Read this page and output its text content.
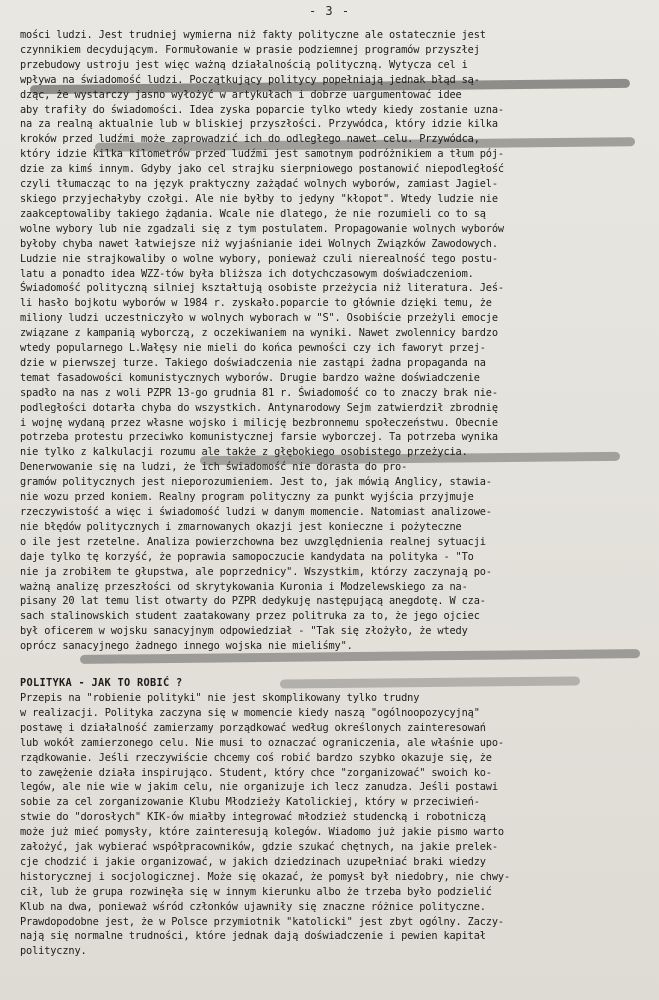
- 3 -
mości ludzi. Jest trudniej wymierna niż fakty polityczne ale ostatecznie jest
czynnikiem decydującym. Formułowanie w prasie podziemnej programów przyszłej
przebudowy ustroju jest więc ważną działalnością polityczną. Wytycza cel i
wpływa na świadomość ludzi. Początkujący politycy popełniają jednak błąd są-
dząc, że wystarczy jasno wyłożyć w artykułach i dobrze uargumentować idee
aby trafiły do świadomości. Idea zyska poparcie tylko wtedy kiedy zostanie uzna-
na za realną aktualnie lub w bliskiej przyszłości. Przywódca, który idzie kilka
kroków przed ludźmi może zaprowadzić ich do odległego nawet celu. Przywódca,
który idzie kilka kilometrów przed ludźmi jest samotnym podróżnikiem a tłum pój-
dzie za kimś innym. Gdyby jako cel strajku sierpniowego postanowić niepodległość
czyli tłumacząc to na język praktyczny zażądać wolnych wyborów, zamiast Jagiel-
skiego przyjechałyby czołgi. Ale nie byłby to jedyny "kłopot". Wtedy ludzie nie
zaakceptowaliby takiego żądania. Wcale nie dlatego, że nie rozumieli co to są
wolne wybory lub nie zgadzali się z tym postulatem. Propagowanie wolnych wyborów
byłoby chyba nawet łatwiejsze niż wyjaśnianie idei Wolnych Związków Zawodowych.
Ludzie nie strajkowaliby o wolne wybory, ponieważ czuli nierealność tego postu-
latu a ponadto idea WZZ-tów była bliższa ich dotychczasowym doświadczeniom.
Świadomość polityczną silniej kształtują osobiste przeżycia niż literatura. Jeś-
li hasło bojkotu wyborów w 1984 r. zyskało.poparcie to głównie dzięki temu, że
miliony ludzi uczestniczyło w wolnych wyborach w "S". Osobiście przeżyli emocje
związane z kampanią wyborczą, z oczekiwaniem na wyniki. Nawet zwolennicy bardzo
wtedy popularnego L.Wałęsy nie mieli do końca pewności czy ich faworyt przej-
dzie w pierwszej turze. Takiego doświadczenia nie zastąpi żadna propaganda na
temat fasadowości komunistycznych wyborów. Drugie bardzo ważne doświadczenie
spadło na nas z woli PZPR 13-go grudnia 81 r. Świadomość co to znaczy brak nie-
podległości dotarła chyba do wszystkich. Antynarodowy Sejm zatwierdził zbrodnię
i wojnę wydaną przez własne wojsko i milicję bezbronnemu społeczeństwu. Obecnie
potrzeba protestu przeciwko komunistycznej farsie wyborczej. Ta potrzeba wynika
nie tylko z kalkulacji rozumu ale także z głębokiego osobistego przeżycia.
Denerwowanie się na ludzi, że ich świadomość nie dorasta do pro-
gramów politycznych jest nieporozumieniem. Jest to, jak mówią Anglicy, stawia-
nie wozu przed koniem. Realny program polityczny za punkt wyjścia przyjmuje
rzeczywistość a więc i świadomość ludzi w danym momencie. Natomiast analizowe-
nie błędów politycznych i zmarnowanych okazji jest konieczne i pożyteczne
o ile jest rzetelne. Analiza powierzchowna bez uwzględnienia realnej sytuacji
daje tylko tę korzyść, że poprawia samopoczucie kandydata na polityka - "To
nie ja zrobiłem te głupstwa, ale poprzednicy". Wszystkim, którzy zaczynają po-
ważną analizę przeszłości od skrytykowania Kuronia i Modzelewskiego za na-
pisany 20 lat temu list otwarty do PZPR dedykuję następującą anegdotę. W cza-
sach stalinowskich student zaatakowany przez politruka za to, że jego ojciec
był oficerem w wojsku sanacyjnym odpowiedział - "Tak się złożyło, że wtedy
oprócz sanacyjnego żadnego innego wojska nie mieliśmy".
POLITYKA - JAK TO ROBIĆ ?
Przepis na "robienie polityki" nie jest skomplikowany tylko trudny
w realizacji. Polityka zaczyna się w momencie kiedy naszą "ogólnoopozycyjną"
postawę i działalność zamierzamy porządkować według określonych zainteresowań
lub wokół zamierzonego celu. Nie musi to oznaczać ograniczenia, ale właśnie upo-
rządkowanie. Jeśli rzeczywiście chcemy coś robić bardzo szybko okazuje się, że
to zawężenie działa inspirująco. Student, który chce "zorganizować" swoich ko-
legów, ale nie wie w jakim celu, nie organizuje ich lecz zanudza. Jeśli postawi
sobie za cel zorganizowanie Klubu Młodzieży Katolickiej, który w przeciwień-
stwie do "dorosłych" KIK-ów miałby integrować młodzież studencką i robotniczą
może już mieć pomysły, które zainteresują kolegów. Wiadomo już jakie pismo warto
założyć, jak wybierać współpracowników, gdzie szukać chętnych, na jakie prelek-
cje chodzić i jakie organizować, w jakich dziedzinach uzupełniać braki wiedzy
historycznej i socjologicznej. Może się okazać, że pomysł był niedobry, nie chwy-
cił, lub że grupa rozwinęła się w innym kierunku albo że trzeba było podzielić
Klub na dwa, ponieważ wśród członków ujawniły się znaczne różnice polityczne.
Prawdopodobne jest, że w Polsce przymiotnik "katolicki" jest zbyt ogólny. Zaczy-
nają się normalne trudności, które jednak dają doświadczenie i pewien kapitał
polityczny.
